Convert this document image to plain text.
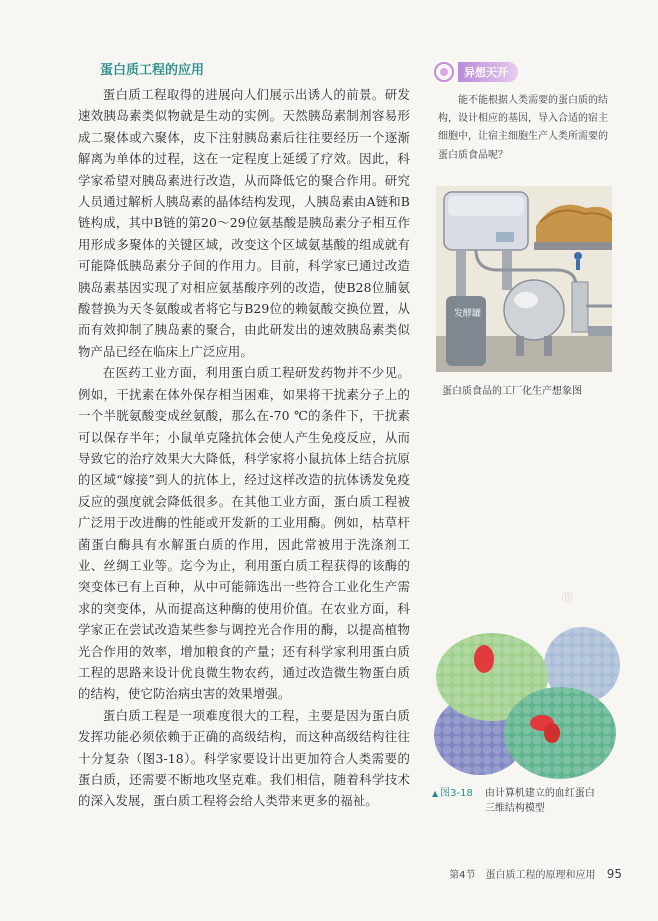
蛋白质工程的应用

蛋白质工程取得的进展向人们展示出诱人的前景。研发速效胰岛素类似物就是生动的实例。天然胰岛素制剂容易形成二聚体或六聚体，皮下注射胰岛素后往往要经历一个逐渐解离为单体的过程，这在一定程度上延缓了疗效。因此，科学家希望对胰岛素进行改造，从而降低它的聚合作用。研究人员通过解析人胰岛素的晶体结构发现，人胰岛素由A链和B链构成，其中B链的第20～29位氨基酸是胰岛素分子相互作用形成多聚体的关键区域，改变这个区域氨基酸的组成就有可能降低胰岛素分子间的作用力。目前，科学家已通过改造胰岛素基因实现了对相应氨基酸序列的改造，使B28位脯氨酸替换为天冬氨酸或者将它与B29位的赖氨酸交换位置，从而有效抑制了胰岛素的聚合，由此研发出的速效胰岛素类似物产品已经在临床上广泛应用。

在医药工业方面，利用蛋白质工程研发药物并不少见。例如，干扰素在体外保存相当困难，如果将干扰素分子上的一个半胱氨酸变成丝氨酸，那么在-70 ℃的条件下，干扰素可以保存半年；小鼠单克隆抗体会使人产生免疫反应，从而导致它的治疗效果大大降低，科学家将小鼠抗体上结合抗原的区域“嫁接”到人的抗体上，经过这样改造的抗体诱发免疫反应的强度就会降低很多。在其他工业方面，蛋白质工程被广泛用于改进酶的性能或开发新的工业用酶。例如，枯草杆菌蛋白酶具有水解蛋白质的作用，因此常被用于洗涤剂工业、丝绸工业等。迄今为止，利用蛋白质工程获得的该酶的突变体已有上百种，从中可能筛选出一些符合工业化生产需求的突变体，从而提高这种酶的使用价值。在农业方面，科学家正在尝试改造某些参与调控光合作用的酶，以提高植物光合作用的效率，增加粮食的产量；还有科学家利用蛋白质工程的思路来设计优良微生物农药，通过改造微生物蛋白质的结构，使它防治病虫害的效果增强。

蛋白质工程是一项难度很大的工程，主要是因为蛋白质发挥功能必须依赖于正确的高级结构，而这种高级结构往往十分复杂（图3-18）。科学家要设计出更加符合人类需要的蛋白质，还需要不断地攻坚克难。我们相信，随着科学技术的深入发展，蛋白质工程将会给人类带来更多的福祉。

异想天开
能不能根据人类需要的蛋白质的结构，设计相应的基因，导入合适的宿主细胞中，让宿主细胞生产人类所需要的蛋白质食品呢？
发酵罐
蛋白质食品的工厂化生产想象图
®
▲ 图3-18 由计算机建立的血红蛋白三维结构模型
第4节　蛋白质工程的原理和应用 95
